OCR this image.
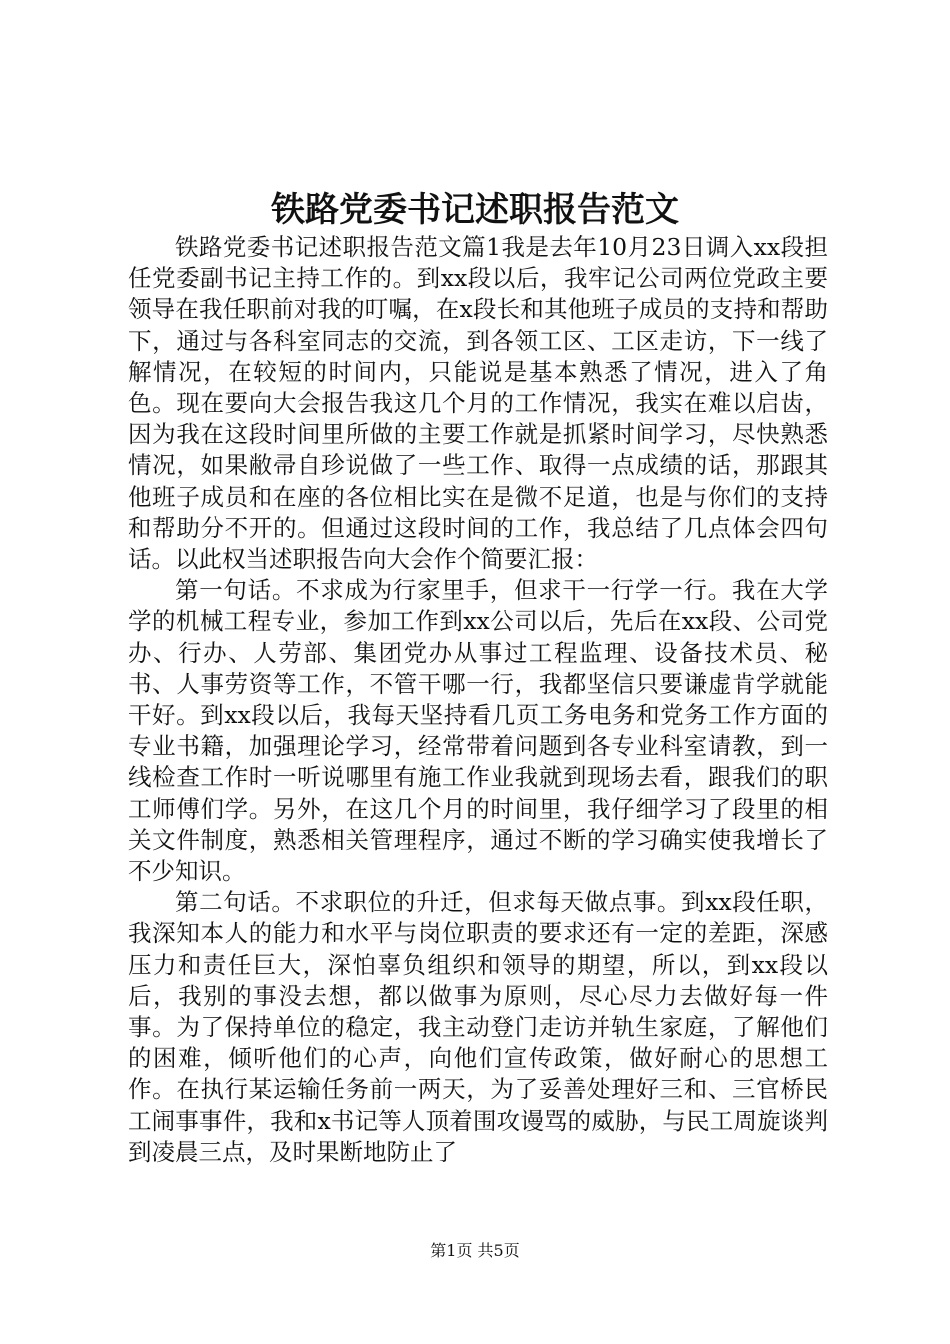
铁路党委书记述职报告范文

铁路党委书记述职报告范文篇1我是去年10月23日调入xx段担任党委副书记主持工作的。到xx段以后，我牢记公司两位党政主要领导在我任职前对我的叮嘱，在x段长和其他班子成员的支持和帮助下，通过与各科室同志的交流，到各领工区、工区走访，下一线了解情况，在较短的时间内，只能说是基本熟悉了情况，进入了角色。现在要向大会报告我这几个月的工作情况，我实在难以启齿，因为我在这段时间里所做的主要工作就是抓紧时间学习，尽快熟悉情况，如果敝帚自珍说做了一些工作、取得一点成绩的话，那跟其他班子成员和在座的各位相比实在是微不足道，也是与你们的支持和帮助分不开的。但通过这段时间的工作，我总结了几点体会四句话。以此权当述职报告向大会作个简要汇报：

第一句话。不求成为行家里手，但求干一行学一行。我在大学学的机械工程专业，参加工作到xx公司以后，先后在xx段、公司党办、行办、人劳部、集团党办从事过工程监理、设备技术员、秘书、人事劳资等工作，不管干哪一行，我都坚信只要谦虚肯学就能干好。到xx段以后，我每天坚持看几页工务电务和党务工作方面的专业书籍，加强理论学习，经常带着问题到各专业科室请教，到一线检查工作时一听说哪里有施工作业我就到现场去看，跟我们的职工师傅们学。另外，在这几个月的时间里，我仔细学习了段里的相关文件制度，熟悉相关管理程序，通过不断的学习确实使我增长了不少知识。

第二句话。不求职位的升迁，但求每天做点事。到xx段任职，我深知本人的能力和水平与岗位职责的要求还有一定的差距，深感压力和责任巨大，深怕辜负组织和领导的期望，所以，到xx段以后，我别的事没去想，都以做事为原则，尽心尽力去做好每一件事。为了保持单位的稳定，我主动登门走访并轨生家庭，了解他们的困难，倾听他们的心声，向他们宣传政策，做好耐心的思想工作。在执行某运输任务前一两天，为了妥善处理好三和、三官桥民工闹事事件，我和x书记等人顶着围攻谩骂的威胁，与民工周旋谈判到凌晨三点，及时果断地防止了

第1页 共5页
